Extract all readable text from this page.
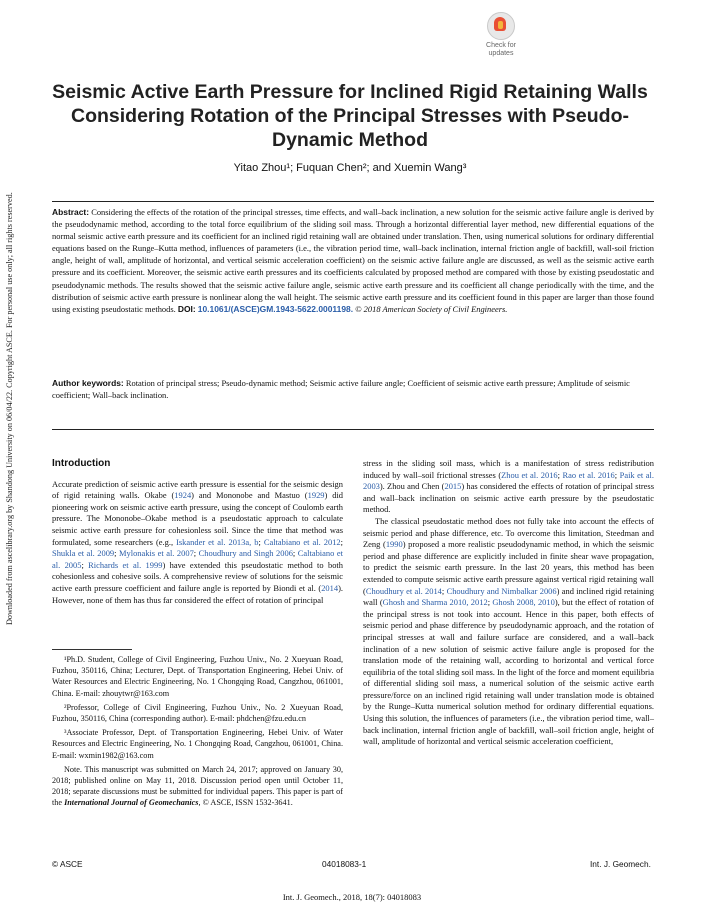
Downloaded from ascelibrary.org by Shandong University on 06/04/22. Copyright ASCE. For personal use only; all rights reserved.
Check for
updates
Seismic Active Earth Pressure for Inclined Rigid Retaining Walls Considering Rotation of the Principal Stresses with Pseudo-Dynamic Method
Yitao Zhou¹; Fuquan Chen²; and Xuemin Wang³
Abstract: Considering the effects of the rotation of the principal stresses, time effects, and wall–back inclination, a new solution for the seismic active failure angle is derived by the pseudodynamic method, according to the total force equilibrium of the sliding soil mass. Through a horizontal differential layer method, new differential equations of the normal seismic active earth pressure and its coefficient for an inclined rigid retaining wall are obtained under translation. Then, using numerical solutions for ordinary differential equations based on the Runge–Kutta method, influences of parameters (i.e., the vibration period time, wall–back inclination, internal friction angle of backfill, wall-soil friction angle, height of wall, amplitude of horizontal, and vertical seismic acceleration coefficient) on the seismic active failure angle are discussed, as well as the seismic active earth pressure and its coefficient. Moreover, the seismic active earth pressures and its coefficients calculated by proposed method are compared with those by existing pseudostatic and pseudodynamic methods. The results showed that the seismic active failure angle, seismic active earth pressure and its coefficient all change periodically with the time, and the distribution of seismic active earth pressure is nonlinear along the wall height. The seismic active earth pressure and its coefficient found in this paper are larger than those found using existing pseudostatic methods. DOI: 10.1061/(ASCE)GM.1943-5622.0001198. © 2018 American Society of Civil Engineers.
Author keywords: Rotation of principal stress; Pseudo-dynamic method; Seismic active failure angle; Coefficient of seismic active earth pressure; Amplitude of seismic coefficient; Wall–back inclination.
Introduction

Accurate prediction of seismic active earth pressure is essential for the seismic design of rigid retaining walls. Okabe (1924) and Mononobe and Mastuo (1929) did pioneering work on seismic active earth pressure, using the concept of Coulomb earth pressure. The Mononobe–Okabe method is a pseudostatic approach to calculate seismic active earth pressure for cohesionless soil. Since the time that method was formulated, some researchers (e.g., Iskander et al. 2013a, b; Caltabiano et al. 2012; Shukla et al. 2009; Mylonakis et al. 2007; Choudhury and Singh 2006; Caltabiano et al. 2005; Richards et al. 1999) have extended this pseudostatic method to both cohesionless and cohesive soils. A comprehensive review of solutions for the seismic active earth pressure coefficient and failure angle is reported by Biondi et al. (2014). However, none of them has thus far considered the effect of rotation of principal

stress in the sliding soil mass, which is a manifestation of stress redistribution induced by wall–soil frictional stresses (Zhou et al. 2016; Rao et al. 2016; Paik et al. 2003). Zhou and Chen (2015) has considered the effects of rotation of principal stress and wall–back inclination on seismic active earth pressure by the pseudostatic method.

The classical pseudostatic method does not fully take into account the effects of seismic period and phase difference, etc. To overcome this limitation, Steedman and Zeng (1990) proposed a more realistic pseudodynamic method, in which the seismic period and phase difference are explicitly included in finite shear wave propagation, to predict the seismic earth pressure. In the last 20 years, this method has been extended to compute seismic active earth pressure against vertical rigid retaining wall (Choudhury et al. 2014; Choudhury and Nimbalkar 2006) and inclined rigid retaining wall (Ghosh and Sharma 2010, 2012; Ghosh 2008, 2010), but the effect of rotation of the principal stress is not took into account. Hence in this paper, both effects of seismic period and phase difference by pseudodynamic approach, and the rotation of principal stresses at wall and failure surface are considered, and a wall–back inclination of a new solution of seismic active failure angle is proposed for the translation mode of the retaining wall, according to horizontal and vertical force equilibria of the total sliding soil mass. In the light of the force and moment equilibria of differential sliding soil mass, a numerical solution of the seismic active earth pressure/force on an inclined rigid retaining wall under translation mode is obtained by the Runge–Kutta numerical solution method for ordinary differential equations. Using this solution, the influences of parameters (i.e., the vibration period time, wall–back inclination, internal friction angle of backfill, wall–soil friction angle, height of wall, amplitude of horizontal and vertical seismic acceleration coefficient,

¹Ph.D. Student, College of Civil Engineering, Fuzhou Univ., No. 2 Xueyuan Road, Fuzhou, 350116, China; Lecturer, Dept. of Transportation Engineering, Hebei Univ. of Water Resources and Electric Engineering, No. 1 Chongqing Road, Cangzhou, 061001, China. E-mail: zhouytwr@163.com

²Professor, College of Civil Engineering, Fuzhou Univ., No. 2 Xueyuan Road, Fuzhou, 350116, China (corresponding author). E-mail: phdchen@fzu.edu.cn

³Associate Professor, Dept. of Transportation Engineering, Hebei Univ. of Water Resources and Electric Engineering, No. 1 Chongqing Road, Cangzhou, 061001, China. E-mail: wxmin1982@163.com

Note. This manuscript was submitted on March 24, 2017; approved on January 30, 2018; published online on May 11, 2018. Discussion period open until October 11, 2018; separate discussions must be submitted for individual papers. This paper is part of the International Journal of Geomechanics, © ASCE, ISSN 1532-3641.

© ASCE	04018083-1	Int. J. Geomech.
Int. J. Geomech., 2018, 18(7): 04018083
